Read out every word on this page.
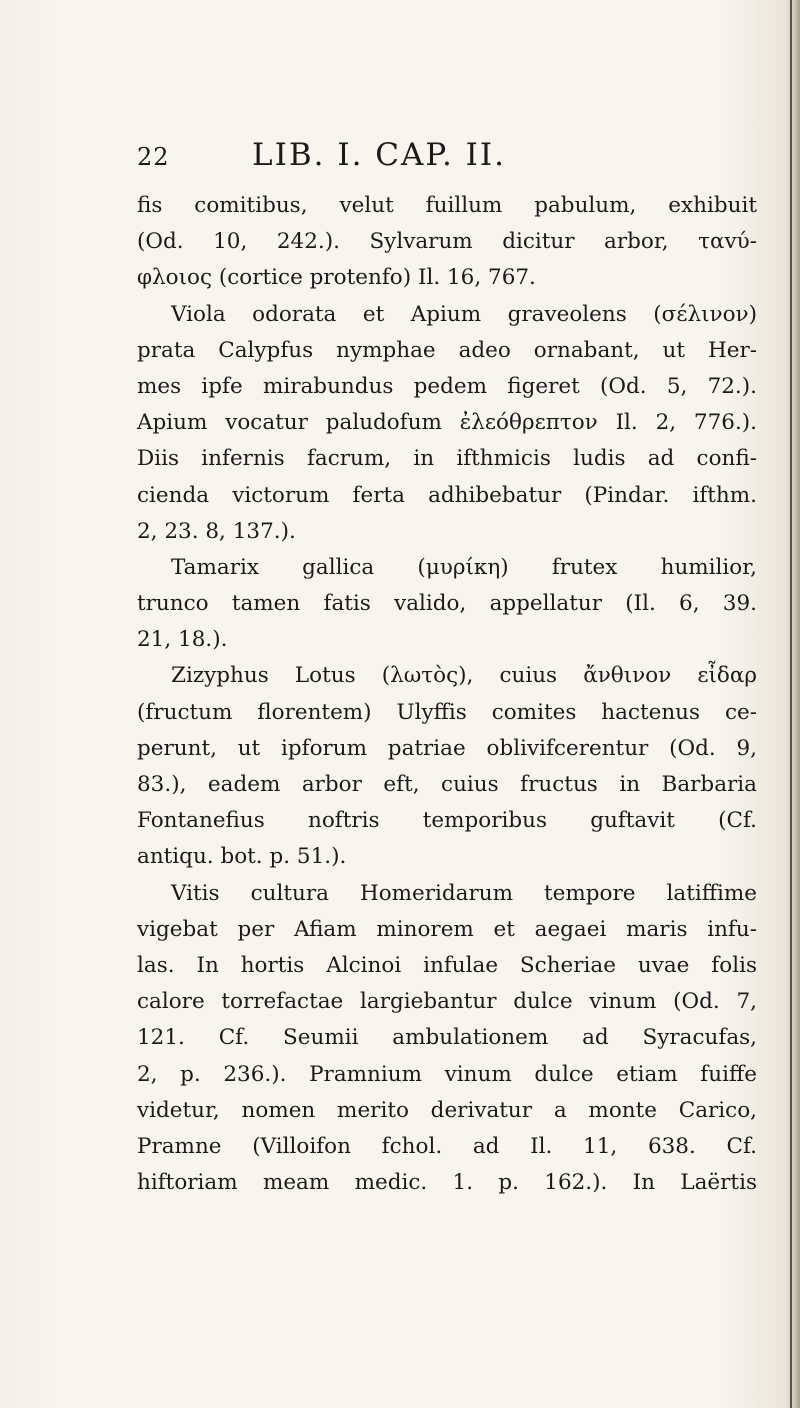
22	LIB. I. CAP. II.
fis comitibus, velut fuillum pabulum, exhibuit
(Od. 10, 242.). Sylvarum dicitur arbor, ταvύ-
φλοιος (cortice protenfo) Il. 16, 767.
Viola odorata et Apium graveolens (σέλινον)
prata Calypfus nymphae adeo ornabant, ut Her-
mes ipfe mirabundus pedem figeret (Od. 5, 72.).
Apium vocatur paludofum ἐλεόθρεπτον Il. 2, 776.).
Diis infernis facrum, in ifthmicis ludis ad confi-
cienda victorum ferta adhibebatur (Pindar. ifthm.
2, 23. 8, 137.).
Tamarix gallica (μυρίκη) frutex humilior,
trunco tamen fatis valido, appellatur (Il. 6, 39.
21, 18.).
Zizyphus Lotus (λωτὸς), cuius ἄνθινον εἶδαρ
(fructum florentem) Ulyffis comites hactenus ce-
perunt, ut ipforum patriae oblivifcerentur (Od. 9,
83.), eadem arbor eft, cuius fructus in Barbaria
Fontanefius noftris temporibus guftavit (Cf.
antiqu. bot. p. 51.).
Vitis cultura Homeridarum tempore latiffime
vigebat per Afiam minorem et aegaei maris infu-
las. In hortis Alcinoi infulae Scheriae uvae folis
calore torrefactae largiebantur dulce vinum (Od. 7,
121. Cf. Seumii ambulationem ad Syracufas,
2, p. 236.). Pramnium vinum dulce etiam fuiffe
videtur, nomen merito derivatur a monte Carico,
Pramne (Villoifon fchol. ad Il. 11, 638. Cf.
hiftoriam meam medic. 1. p. 162.). In Laërtis
